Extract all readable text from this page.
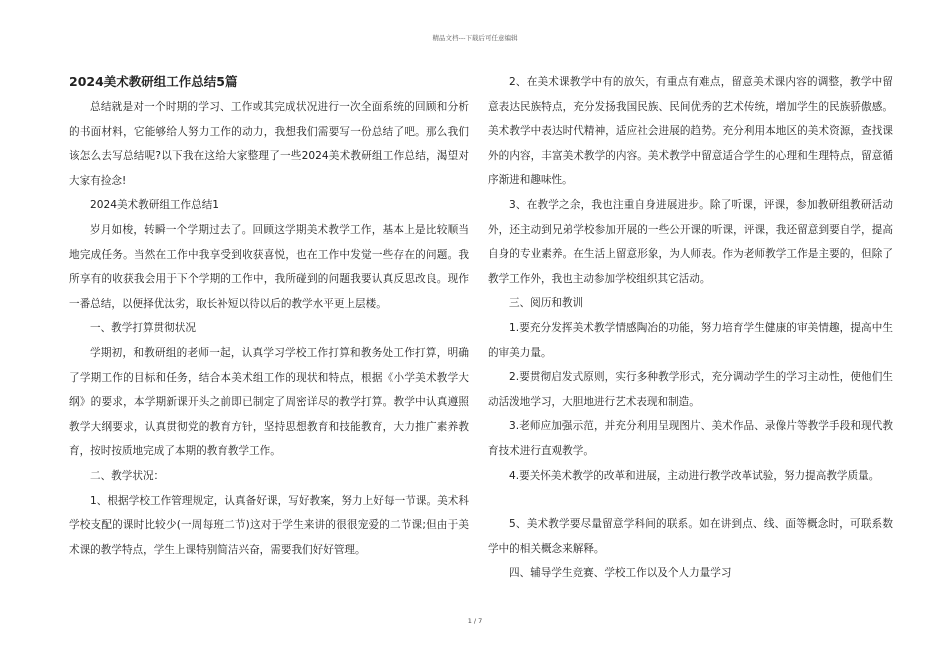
精品文档---下载后可任意编辑
2024美术教研组工作总结5篇

总结就是对一个时期的学习、工作或其完成状况进行一次全面系统的回顾和分析的书面材料，它能够给人努力工作的动力，我想我们需要写一份总结了吧。那么我们该怎么去写总结呢?以下我在这给大家整理了一些2024美术教研组工作总结，渴望对大家有捡念!

2024美术教研组工作总结1

岁月如梭，转瞬一个学期过去了。回顾这学期美术教学工作，基本上是比较顺当地完成任务。当然在工作中我享受到收获喜悦，也在工作中发觉一些存在的问题。我所享有的收获我会用于下个学期的工作中，我所碰到的问题我要认真反思改良。现作一番总结，以便择优汰劣，取长补短以待以后的教学水平更上层楼。

一、教学打算贯彻状况

学期初，和教研组的老师一起，认真学习学校工作打算和教务处工作打算，明确了学期工作的目标和任务，结合本美术组工作的现状和特点，根据《小学美术教学大纲》的要求，本学期新课开头之前即已制定了周密详尽的教学打算。教学中认真遵照教学大纲要求，认真贯彻党的教育方针，坚持思想教育和技能教育，大力推广素养教育，按时按质地完成了本期的教育教学工作。

二、教学状况：

1、根据学校工作管理规定，认真备好课，写好教案，努力上好每一节课。美术科学校支配的课时比较少(一周每班二节)这对于学生来讲的很很宠爱的二节课;但由于美术课的教学特点，学生上课特别简洁兴奋，需要我们好好管理。

2、在美术课教学中有的放矢，有重点有难点，留意美术课内容的调整，教学中留意表达民族特点，充分发扬我国民族、民间优秀的艺术传统，增加学生的民族骄傲感。美术教学中表达时代精神，适应社会进展的趋势。充分利用本地区的美术资源，查找课外的内容，丰富美术教学的内容。美术教学中留意适合学生的心理和生理特点，留意循序渐进和趣味性。

3、在教学之余，我也注重自身进展进步。除了听课，评课，参加教研组教研活动外，还主动到兄弟学校参加开展的一些公开课的听课，评课，我还留意到要自学，提高自身的专业素养。在生活上留意形象，为人师表。作为老师教学工作是主要的，但除了教学工作外，我也主动参加学校组织其它活动。

三、阅历和教训

1.要充分发挥美术教学情感陶冶的功能，努力培育学生健康的审美情趣，提高中生的审美力量。

2.要贯彻启发式原则，实行多种教学形式，充分调动学生的学习主动性，使他们生动活泼地学习，大胆地进行艺术表现和制造。

3.老师应加强示范，并充分利用呈现图片、美术作品、录像片等教学手段和现代教育技术进行直观教学。

4.要关怀美术教学的改革和进展，主动进行教学改革试验，努力提高教学质量。

5、美术教学要尽量留意学科间的联系。如在讲到点、线、面等概念时，可联系数学中的相关概念来解释。

四、辅导学生竞赛、学校工作以及个人力量学习

1 / 7
